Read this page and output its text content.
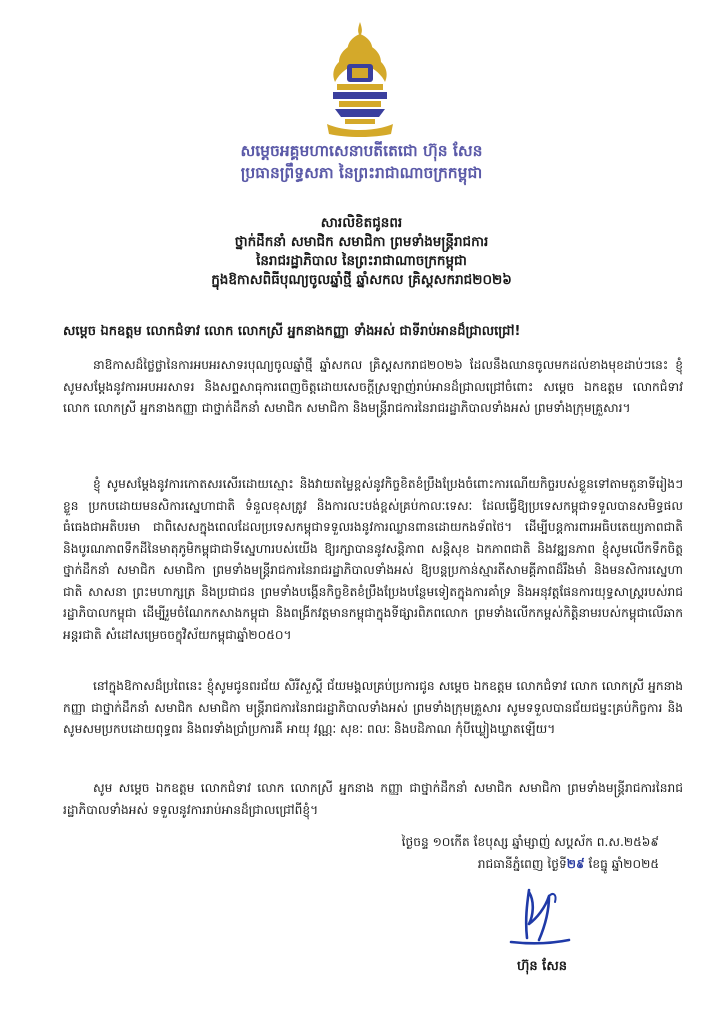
សម្តេចអគ្គមហាសេនាបតីតេជោ ហ៊ុន សែន
ប្រធានព្រឹទ្ធសភា នៃព្រះរាជាណាចក្រកម្ពុជា
សារលិខិតជូនពរ
ថ្នាក់ដឹកនាំ សមាជិក សមាជិកា ព្រមទាំងមន្ត្រីរាជការ
នៃរាជរដ្ឋាភិបាល នៃព្រះរាជាណាចក្រកម្ពុជា
ក្នុងឱកាសពិធីបុណ្យចូលឆ្នាំថ្មី ឆ្នាំសកល គ្រិស្តសករាជ២០២៦
សម្តេច ឯកឧត្តម លោកជំទាវ លោក លោកស្រី អ្នកនាងកញ្ញា ទាំងអស់ ជាទីរាប់អានដ៏ជ្រាលជ្រៅ!
នាឱកាសដ៏ថ្លៃថ្លានៃការអបអរសាទរបុណ្យចូលឆ្នាំថ្មី ឆ្នាំសកល គ្រិស្តសករាជ២០២៦ ដែលនឹងឈានចូលមកដល់ខាងមុខដាប់ៗនេះ ខ្ញុំសូមសម្តែងនូវការអបអរសាទរ និងសព្ទសាធុការពេញចិត្តដោយសេចក្តីស្រឡាញ់រាប់អានដ៏ជ្រាលជ្រៅចំពោះ សម្តេច ឯកឧត្តម លោកជំទាវ លោក លោកស្រី អ្នកនាងកញ្ញា ជាថ្នាក់ដឹកនាំ សមាជិក សមាជិកា និងមន្ត្រីរាជការនៃរាជរដ្ឋាភិបាលទាំងអស់ ព្រមទាំងក្រុមគ្រួសារ។
ខ្ញុំ សូមសម្តែងនូវការកោតសរសើរដោយស្មោះ និងវាយតម្លៃខ្ពស់នូវកិច្ចខិតខំប្រឹងប្រែងចំពោះការណើយកិច្ចរបស់ខ្លួនទៅតាមតួនាទីរៀងៗខ្លួន ប្រកបដោយមនសិការស្នេហាជាតិ ទំនួលខុសត្រូវ និងការលះបង់ខ្ពស់គ្រប់កាលៈទេសៈ ដែលធ្វើឱ្យប្រទេសកម្ពុជាទទួលបានសមិទ្ធផលធំធេងជាអតិបរមា ជាពិសេសក្នុងពេលដែលប្រទេសកម្ពុជាទទួលរងនូវការឈ្លានពានដោយកងទ័ពថៃ។ ដើម្បីបន្តការពារអធិបតេយ្យភាពជាតិ និងបូរណភាពទឹកដីនៃមាតុភូមិកម្ពុជាជាទីស្នេហារបស់យើង ឱ្យរក្សាបាននូវសន្តិភាព សន្តិសុខ ឯកភាពជាតិ និងវឌ្ឍនភាព ខ្ញុំសូមលើកទឹកចិត្តថ្នាក់ដឹកនាំ សមាជិក សមាជិកា ព្រមទាំងមន្ត្រីរាជការនៃរាជរដ្ឋាភិបាលទាំងអស់ ឱ្យបន្តប្រកាន់ស្មារតីសាមគ្គីភាពដ៏រឹងមាំ និងមនសិការស្នេហាជាតិ សាសនា ព្រះមហាក្សត្រ និងប្រជាជន ព្រមទាំងបង្កើនកិច្ចខិតខំប្រឹងប្រែងបន្ថែមទៀតក្នុងការគាំទ្រ និងអនុវត្តផែនការយុទ្ធសាស្ត្ររបស់រាជរដ្ឋាភិបាលកម្ពុជា ដើម្បីរួមចំណែកកសាងកម្ពុជា និងពង្រីកវត្តមានកម្ពុជាក្នុងទីផ្សារពិភពលោក ព្រមទាំងលើកកម្ពស់កិត្តិនាមរបស់កម្ពុជាលើឆាកអន្តរជាតិ សំដៅសម្រេចចក្ខុវិស័យកម្ពុជាឆ្នាំ២០៥០។
នៅក្នុងឱកាសដ៏ប្រពៃនេះ ខ្ញុំសូមជូនពរជ័យ សិរីសួស្តី ជ័យមង្គលគ្រប់ប្រការជូន សម្តេច ឯកឧត្តម លោកជំទាវ លោក លោកស្រី អ្នកនាងកញ្ញា ជាថ្នាក់ដឹកនាំ សមាជិក សមាជិកា មន្ត្រីរាជការនៃរាជរដ្ឋាភិបាលទាំងអស់ ព្រមទាំងក្រុមគ្រួសារ សូមទទួលបានជ័យជម្នះគ្រប់កិច្ចការ និងសូមសមប្រកបដោយពុទ្ធពរ និងពរទាំងប្រាំប្រការគឺ អាយុ វណ្ណៈ សុខៈ ពលៈ និងបដិភាណ កុំបីឃ្លៀងឃ្លាតឡើយ។
សូម សម្តេច ឯកឧត្តម លោកជំទាវ លោក លោកស្រី អ្នកនាង កញ្ញា ជាថ្នាក់ដឹកនាំ សមាជិក សមាជិកា ព្រមទាំងមន្ត្រីរាជការនៃរាជរដ្ឋាភិបាលទាំងអស់ ទទួលនូវការរាប់អានដ៏ជ្រាលជ្រៅពីខ្ញុំ។
ថ្ងៃចន្ទ ១០កើត ខែបុស្ស ឆ្នាំម្សាញ់ សប្តស័ក ព.ស.២៥៦៩
រាជធានីភ្នំពេញ ថ្ងៃទី២៩ ខែធ្នូ ឆ្នាំ២០២៥
ហ៊ុន សែន
